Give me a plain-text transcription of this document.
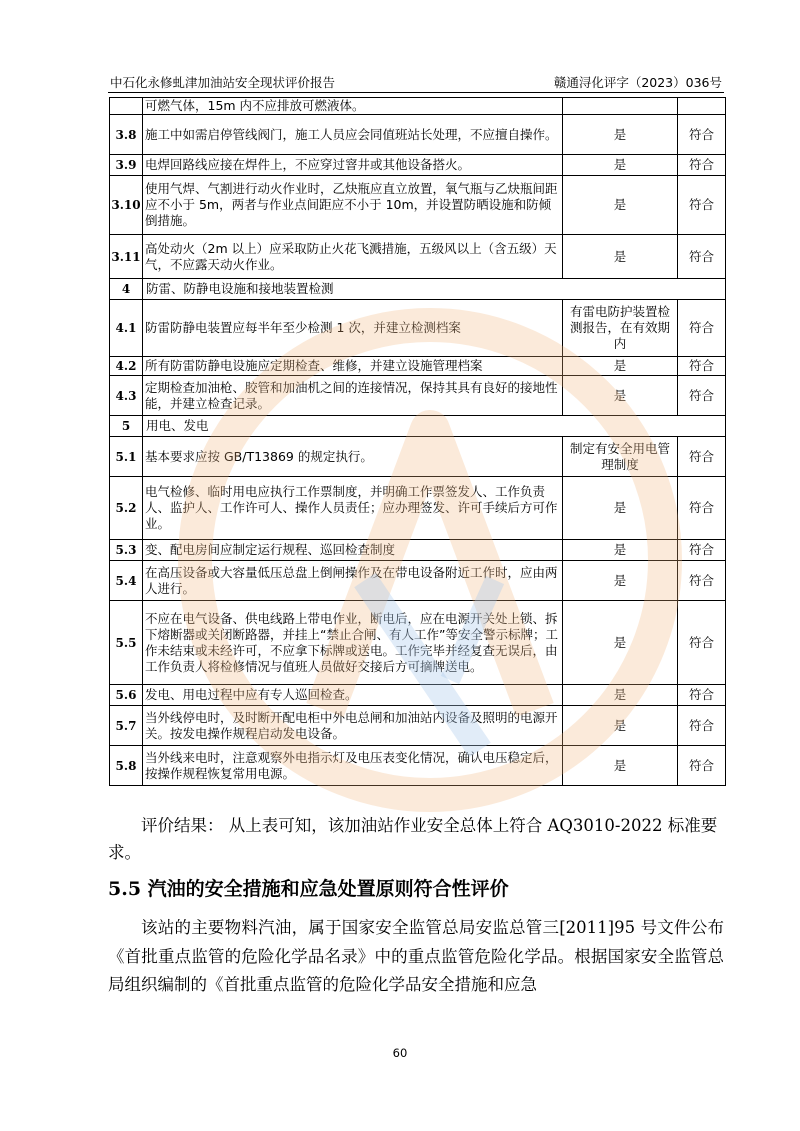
中石化永修虬津加油站安全现状评价报告	赣通浔化评字（2023）036号
	可燃气体，15m 内不应排放可燃液体。		
3.8	施工中如需启停管线阀门，施工人员应会同值班站长处理，不应擅自操作。	是	符合
3.9	电焊回路线应接在焊件上，不应穿过窨井或其他设备搭火。	是	符合
3.10	使用气焊、气割进行动火作业时，乙炔瓶应直立放置，氧气瓶与乙炔瓶间距应不小于 5m，两者与作业点间距应不小于 10m，并设置防晒设施和防倾倒措施。	是	符合
3.11	高处动火（2m 以上）应采取防止火花飞溅措施，五级风以上（含五级）天气，不应露天动火作业。	是	符合
4	防雷、防静电设施和接地装置检测		
4.1	防雷防静电装置应每半年至少检测 1 次，并建立检测档案	有雷电防护装置检测报告，在有效期内	符合
4.2	所有防雷防静电设施应定期检查、维修，并建立设施管理档案	是	符合
4.3	定期检查加油枪、胶管和加油机之间的连接情况，保持其具有良好的接地性能，并建立检查记录。	是	符合
5	用电、发电		
5.1	基本要求应按 GB/T13869 的规定执行。	制定有安全用电管理制度	符合
5.2	电气检修、临时用电应执行工作票制度，并明确工作票签发人、工作负责人、监护人、工作许可人、操作人员责任；应办理签发、许可手续后方可作业。	是	符合
5.3	变、配电房间应制定运行规程、巡回检查制度	是	符合
5.4	在高压设备或大容量低压总盘上倒闸操作及在带电设备附近工作时，应由两人进行。	是	符合
5.5	不应在电气设备、供电线路上带电作业，断电后，应在电源开关处上锁、拆下熔断器或关闭断路器，并挂上“禁止合闸、有人工作”等安全警示标牌；工作未结束或未经许可，不应拿下标牌或送电。工作完毕并经复查无误后，由工作负责人将检修情况与值班人员做好交接后方可摘牌送电。	是	符合
5.6	发电、用电过程中应有专人巡回检查。	是	符合
5.7	当外线停电时，及时断开配电柜中外电总闸和加油站内设备及照明的电源开关。按发电操作规程启动发电设备。	是	符合
5.8	当外线来电时，注意观察外电指示灯及电压表变化情况，确认电压稳定后，按操作规程恢复常用电源。	是	符合
评价结果： 从上表可知，该加油站作业安全总体上符合 AQ3010-2022 标准要求。
5.5 汽油的安全措施和应急处置原则符合性评价
该站的主要物料汽油，属于国家安全监管总局安监总管三[2011]95 号文件公布《首批重点监管的危险化学品名录》中的重点监管危险化学品。根据国家安全监管总局组织编制的《首批重点监管的危险化学品安全措施和应急
60
